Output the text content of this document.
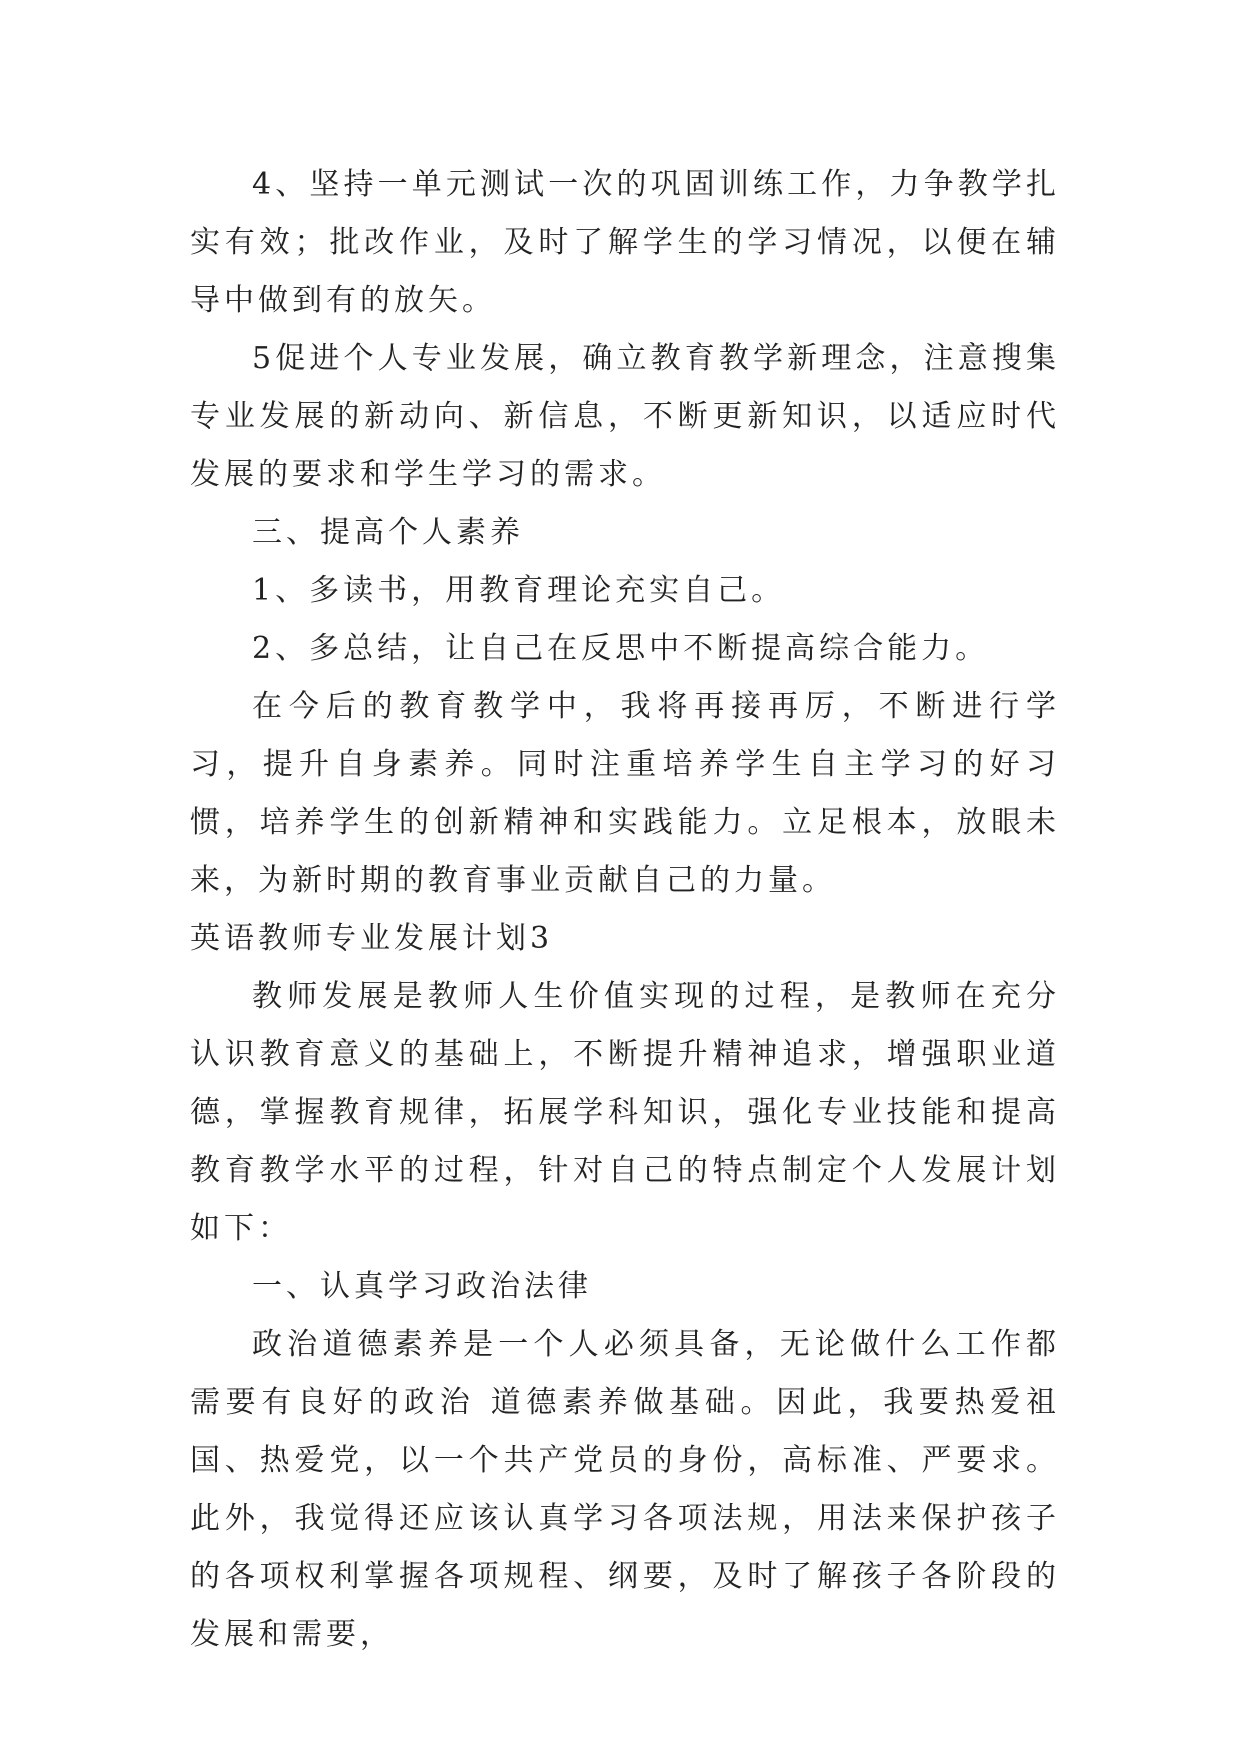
4、坚持一单元测试一次的巩固训练工作，力争教学扎实有效；批改作业，及时了解学生的学习情况，以便在辅导中做到有的放矢。

5促进个人专业发展，确立教育教学新理念，注意搜集专业发展的新动向、新信息，不断更新知识，以适应时代发展的要求和学生学习的需求。

三、提高个人素养

1、多读书，用教育理论充实自己。

2、多总结，让自己在反思中不断提高综合能力。

在今后的教育教学中，我将再接再厉，不断进行学习，提升自身素养。同时注重培养学生自主学习的好习惯，培养学生的创新精神和实践能力。立足根本，放眼未来，为新时期的教育事业贡献自己的力量。

英语教师专业发展计划3

教师发展是教师人生价值实现的过程，是教师在充分认识教育意义的基础上，不断提升精神追求，增强职业道德，掌握教育规律，拓展学科知识，强化专业技能和提高教育教学水平的过程，针对自己的特点制定个人发展计划如下：

一、认真学习政治法律

政治道德素养是一个人必须具备，无论做什么工作都需要有良好的政治 道德素养做基础。因此，我要热爱祖国、热爱党，以一个共产党员的身份，高标准、严要求。此外，我觉得还应该认真学习各项法规，用法来保护孩子的各项权利掌握各项规程、纲要，及时了解孩子各阶段的发展和需要，
